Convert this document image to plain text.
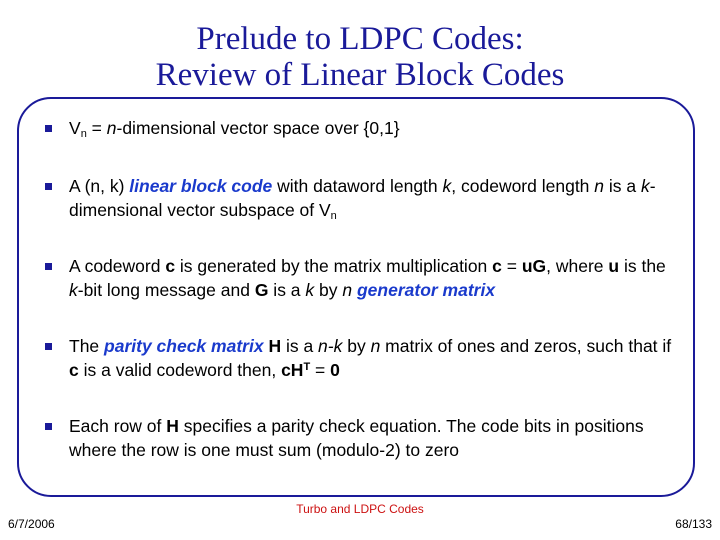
Prelude to LDPC Codes:
Review of Linear Block Codes
$V_n$ = n-dimensional vector space over {0,1}
A (n, k) linear block code with dataword length k, codeword length n is a k-dimensional vector subspace of $V_n$
A codeword c is generated by the matrix multiplication c = uG, where u is the k-bit long message and G is a k by n generator matrix
The parity check matrix H is a n-k by n matrix of ones and zeros, such that if c is a valid codeword then, $cH^T = 0$
Each row of H specifies a parity check equation. The code bits in positions where the row is one must sum (modulo-2) to zero
Turbo and LDPC Codes
6/7/2006	68/133
